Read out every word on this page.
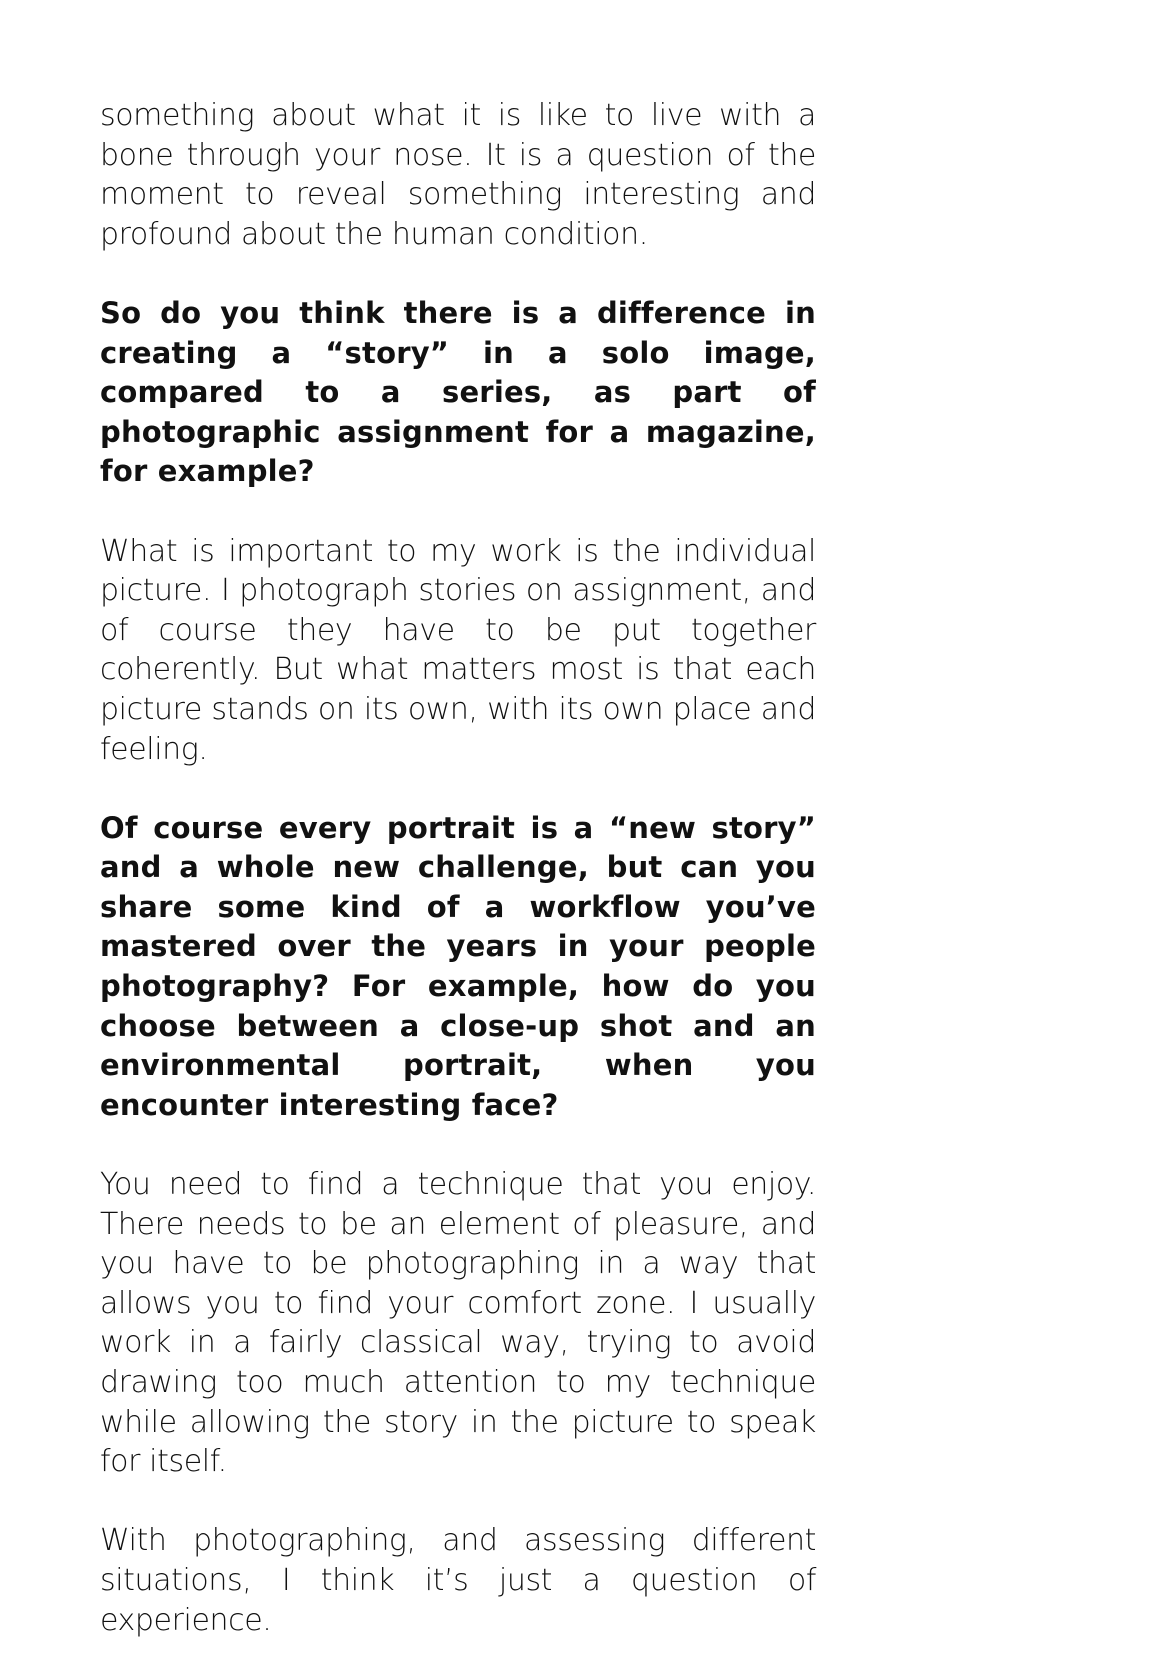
something about what it is like to live with a bone through your nose. It is a question of the moment to reveal something interesting and profound about the human condition.

So do you think there is a difference in creating a “story” in a solo image, compared to a series, as part of photographic assignment for a magazine, for example?

What is important to my work is the individual picture. I photograph stories on assignment, and of course they have to be put together coherently. But what matters most is that each picture stands on its own, with its own place and feeling.

Of course every portrait is a “new story” and a whole new challenge, but can you share some kind of a workflow you’ve mastered over the years in your people photography? For example, how do you choose between a close-up shot and an environmental portrait, when you encounter interesting face?

You need to find a technique that you enjoy. There needs to be an element of pleasure, and you have to be photographing in a way that allows you to find your comfort zone. I usually work in a fairly classical way, trying to avoid drawing too much attention to my technique while allowing the story in the picture to speak for itself.

With photographing, and assessing different situations, I think it’s just a question of experience.
